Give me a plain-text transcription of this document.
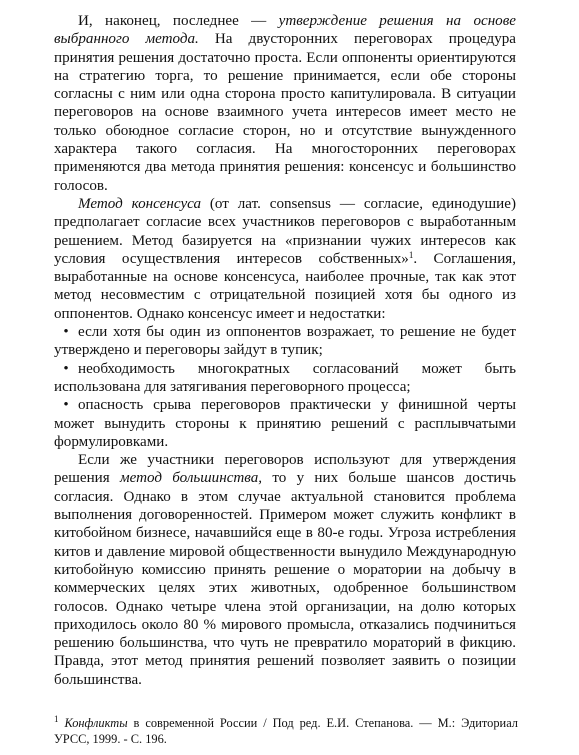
И, наконец, последнее — утверждение решения на основе выбранного метода. На двусторонних переговорах процедура принятия решения достаточно проста. Если оппоненты ориентируются на стратегию торга, то решение принимается, если обе стороны согласны с ним или одна сторона просто капитулировала. В ситуации переговоров на основе взаимного учета интересов имеет место не только обоюдное согласие сторон, но и отсутствие вынужденного характера такого согласия. На многосторонних переговорах применяются два метода принятия решения: консенсус и большинство голосов.

Метод консенсуса (от лат. consensus — согласие, единодушие) предполагает согласие всех участников переговоров с выработанным решением. Метод базируется на «признании чужих интересов как условия осуществления интересов собственных»$^1$. Соглашения, выработанные на основе консенсуса, наиболее прочные, так как этот метод несовместим с отрицательной позицией хотя бы одного из оппонентов. Однако консенсус имеет и недостатки:

• если хотя бы один из оппонентов возражает, то решение не будет утверждено и переговоры зайдут в тупик;

• необходимость многократных согласований может быть использована для затягивания переговорного процесса;

• опасность срыва переговоров практически у финишной черты может вынудить стороны к принятию решений с расплывчатыми формулировками.

Если же участники переговоров используют для утверждения решения метод большинства, то у них больше шансов достичь согласия. Однако в этом случае актуальной становится проблема выполнения договоренностей. Примером может служить конфликт в китобойном бизнесе, начавшийся еще в 80-е годы. Угроза истребления китов и давление мировой общественности вынудило Международную китобойную комиссию принять решение о моратории на добычу в коммерческих целях этих животных, одобренное большинством голосов. Однако четыре члена этой организации, на долю которых приходилось около 80 % мирового промысла, отказались подчиниться решению большинства, что чуть не превратило мораторий в фикцию. Правда, этот метод принятия решений позволяет заявить о позиции большинства.

$^1$ Конфликты в современной России / Под ред. Е.И. Степанова. — М.: Эдиториал УРСС, 1999. - С. 196.
